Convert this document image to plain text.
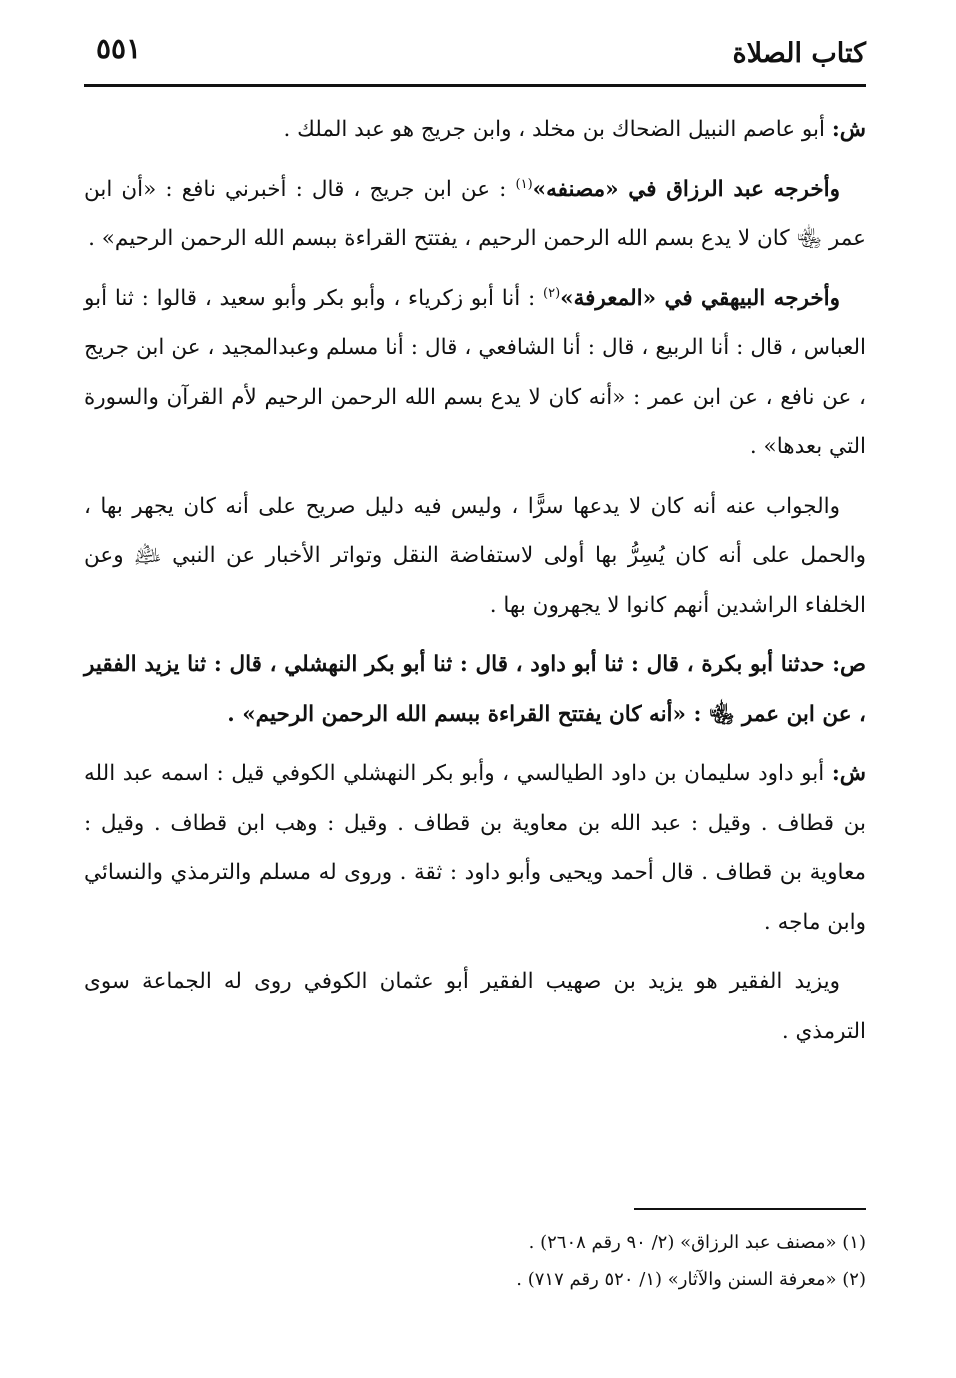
كتاب الصلاة
٥٥١

ش: أبو عاصم النبيل الضحاك بن مخلد ، وابن جريج هو عبد الملك .

وأخرجه عبد الرزاق في «مصنفه»$^{(١)}$ : عن ابن جريج ، قال : أخبرني نافع : «أن ابن عمر ﵄ كان لا يدع بسم الله الرحمن الرحيم ، يفتتح القراءة ببسم الله الرحمن الرحيم» .

وأخرجه البيهقي في «المعرفة»$^{(٢)}$ : أنا أبو زكرياء ، وأبو بكر وأبو سعيد ، قالوا : ثنا أبو العباس ، قال : أنا الربيع ، قال : أنا الشافعي ، قال : أنا مسلم وعبدالمجيد ، عن ابن جريج ، عن نافع ، عن ابن عمر : «أنه كان لا يدع بسم الله الرحمن الرحيم لأم القرآن والسورة التي بعدها» .

والجواب عنه أنه كان لا يدعها سرًّا ، وليس فيه دليل صريح على أنه كان يجهر بها ، والحمل على أنه كان يُسِرُّ بها أولى لاستفاضة النقل وتواتر الأخبار عن النبي ﵇ وعن الخلفاء الراشدين أنهم كانوا لا يجهرون بها .

ص: حدثنا أبو بكرة ، قال : ثنا أبو داود ، قال : ثنا أبو بكر النهشلي ، قال : ثنا يزيد الفقير ، عن ابن عمر ﵄ : «أنه كان يفتتح القراءة ببسم الله الرحمن الرحيم» .

ش: أبو داود سليمان بن داود الطيالسي ، وأبو بكر النهشلي الكوفي قيل : اسمه عبد الله بن قطاف . وقيل : عبد الله بن معاوية بن قطاف . وقيل : وهب ابن قطاف . وقيل : معاوية بن قطاف . قال أحمد ويحيى وأبو داود : ثقة . وروى له مسلم والترمذي والنسائي وابن ماجه .

ويزيد الفقير هو يزيد بن صهيب الفقير أبو عثمان الكوفي روى له الجماعة سوى الترمذي .

(١) «مصنف عبد الرزاق» (٢/ ٩٠ رقم ٢٦٠٨) .

(٢) «معرفة السنن والآثار» (١/ ٥٢٠ رقم ٧١٧) .
